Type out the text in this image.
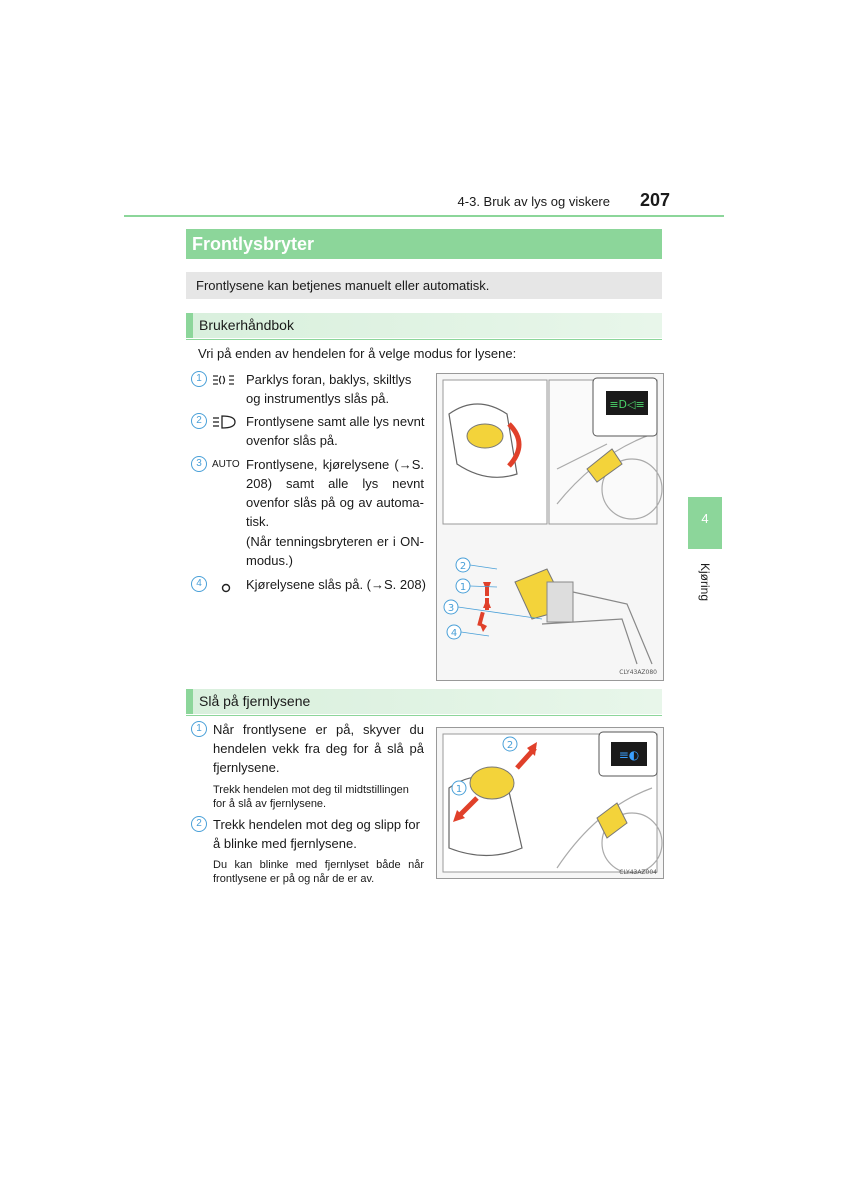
4-3. Bruk av lys og viskere 207
4
Kjøring
Frontlysbryter
Frontlysene kan betjenes manuelt eller automatisk.
Brukerhåndbok
Vri på enden av hendelen for å velge modus for lysene:
1	Parklys foran, baklys, skiltlys og instrumentlys slås på.
2	Frontlysene samt alle lys nevnt ovenfor slås på.
3	AUTO Frontlysene, kjørelysene (→S. 208) samt alle lys nevnt ovenfor slås på og av automa-tisk.
(Når tenningsbryteren er i ON-modus.)
4	Kjørelysene slås på. (→S. 208)
≡D◁≡
2
1
3
4
CLY43AZ080
Slå på fjernlysene
1 Når frontlysene er på, skyver du hendelen vekk fra deg for å slå på fjernlysene.
Trekk hendelen mot deg til midtstillingen for å slå av fjernlysene.
2 Trekk hendelen mot deg og slipp for å blinke med fjernlysene.
Du kan blinke med fjernlyset både når frontlysene er på og når de er av.
≡◐
2
1
CLY43AZ004
